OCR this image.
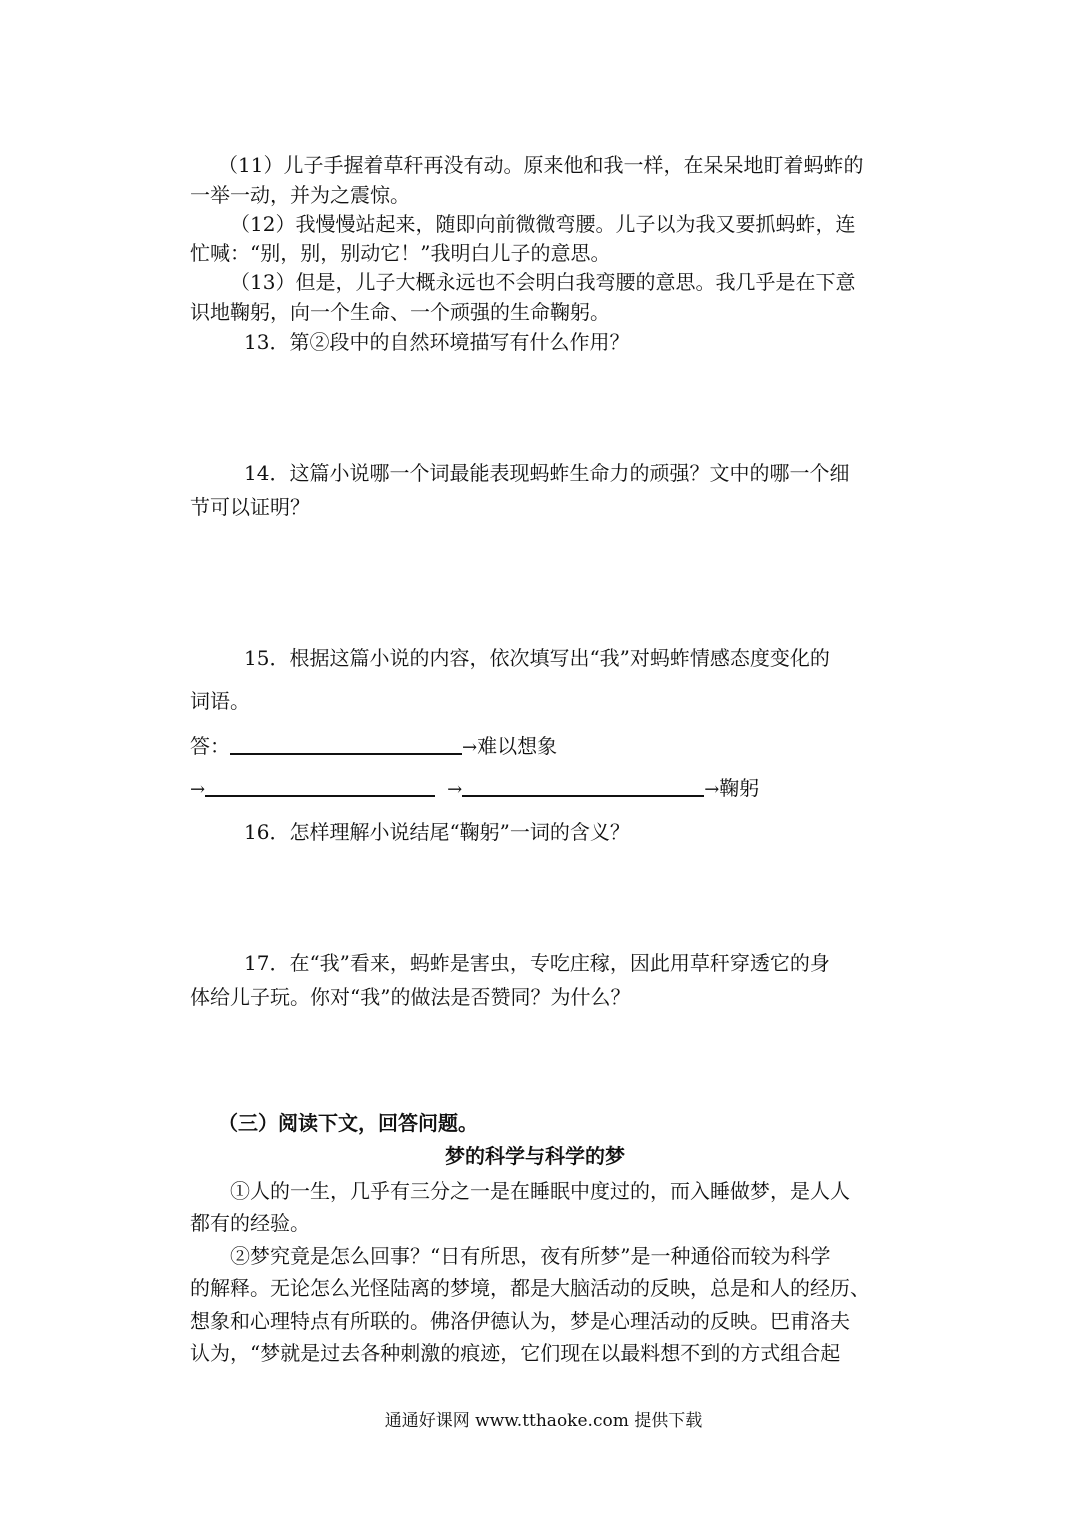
（11）儿子手握着草秆再没有动。原来他和我一样，在呆呆地盯着蚂蚱的
一举一动，并为之震惊。
（12）我慢慢站起来，随即向前微微弯腰。儿子以为我又要抓蚂蚱，连
忙喊：“别，别，别动它！”我明白儿子的意思。
（13）但是，儿子大概永远也不会明白我弯腰的意思。我几乎是在下意
识地鞠躬，向一个生命、一个顽强的生命鞠躬。
13．第②段中的自然环境描写有什么作用？
14．这篇小说哪一个词最能表现蚂蚱生命力的顽强？文中的哪一个细
节可以证明？
15．根据这篇小说的内容，依次填写出“我”对蚂蚱情感态度变化的
词语。
答：	→难以想象
→	→	→鞠躬
16．怎样理解小说结尾“鞠躬”一词的含义？
17．在“我”看来，蚂蚱是害虫，专吃庄稼，因此用草秆穿透它的身
体给儿子玩。你对“我”的做法是否赞同？为什么？
（三）阅读下文，回答问题。
梦的科学与科学的梦
①人的一生，几乎有三分之一是在睡眠中度过的，而入睡做梦，是人人
都有的经验。
②梦究竟是怎么回事？“日有所思，夜有所梦”是一种通俗而较为科学
的解释。无论怎么光怪陆离的梦境，都是大脑活动的反映，总是和人的经历、
想象和心理特点有所联的。佛洛伊德认为，梦是心理活动的反映。巴甫洛夫
认为，“梦就是过去各种刺激的痕迹，它们现在以最料想不到的方式组合起
通通好课网 www.tthaoke.com 提供下载
